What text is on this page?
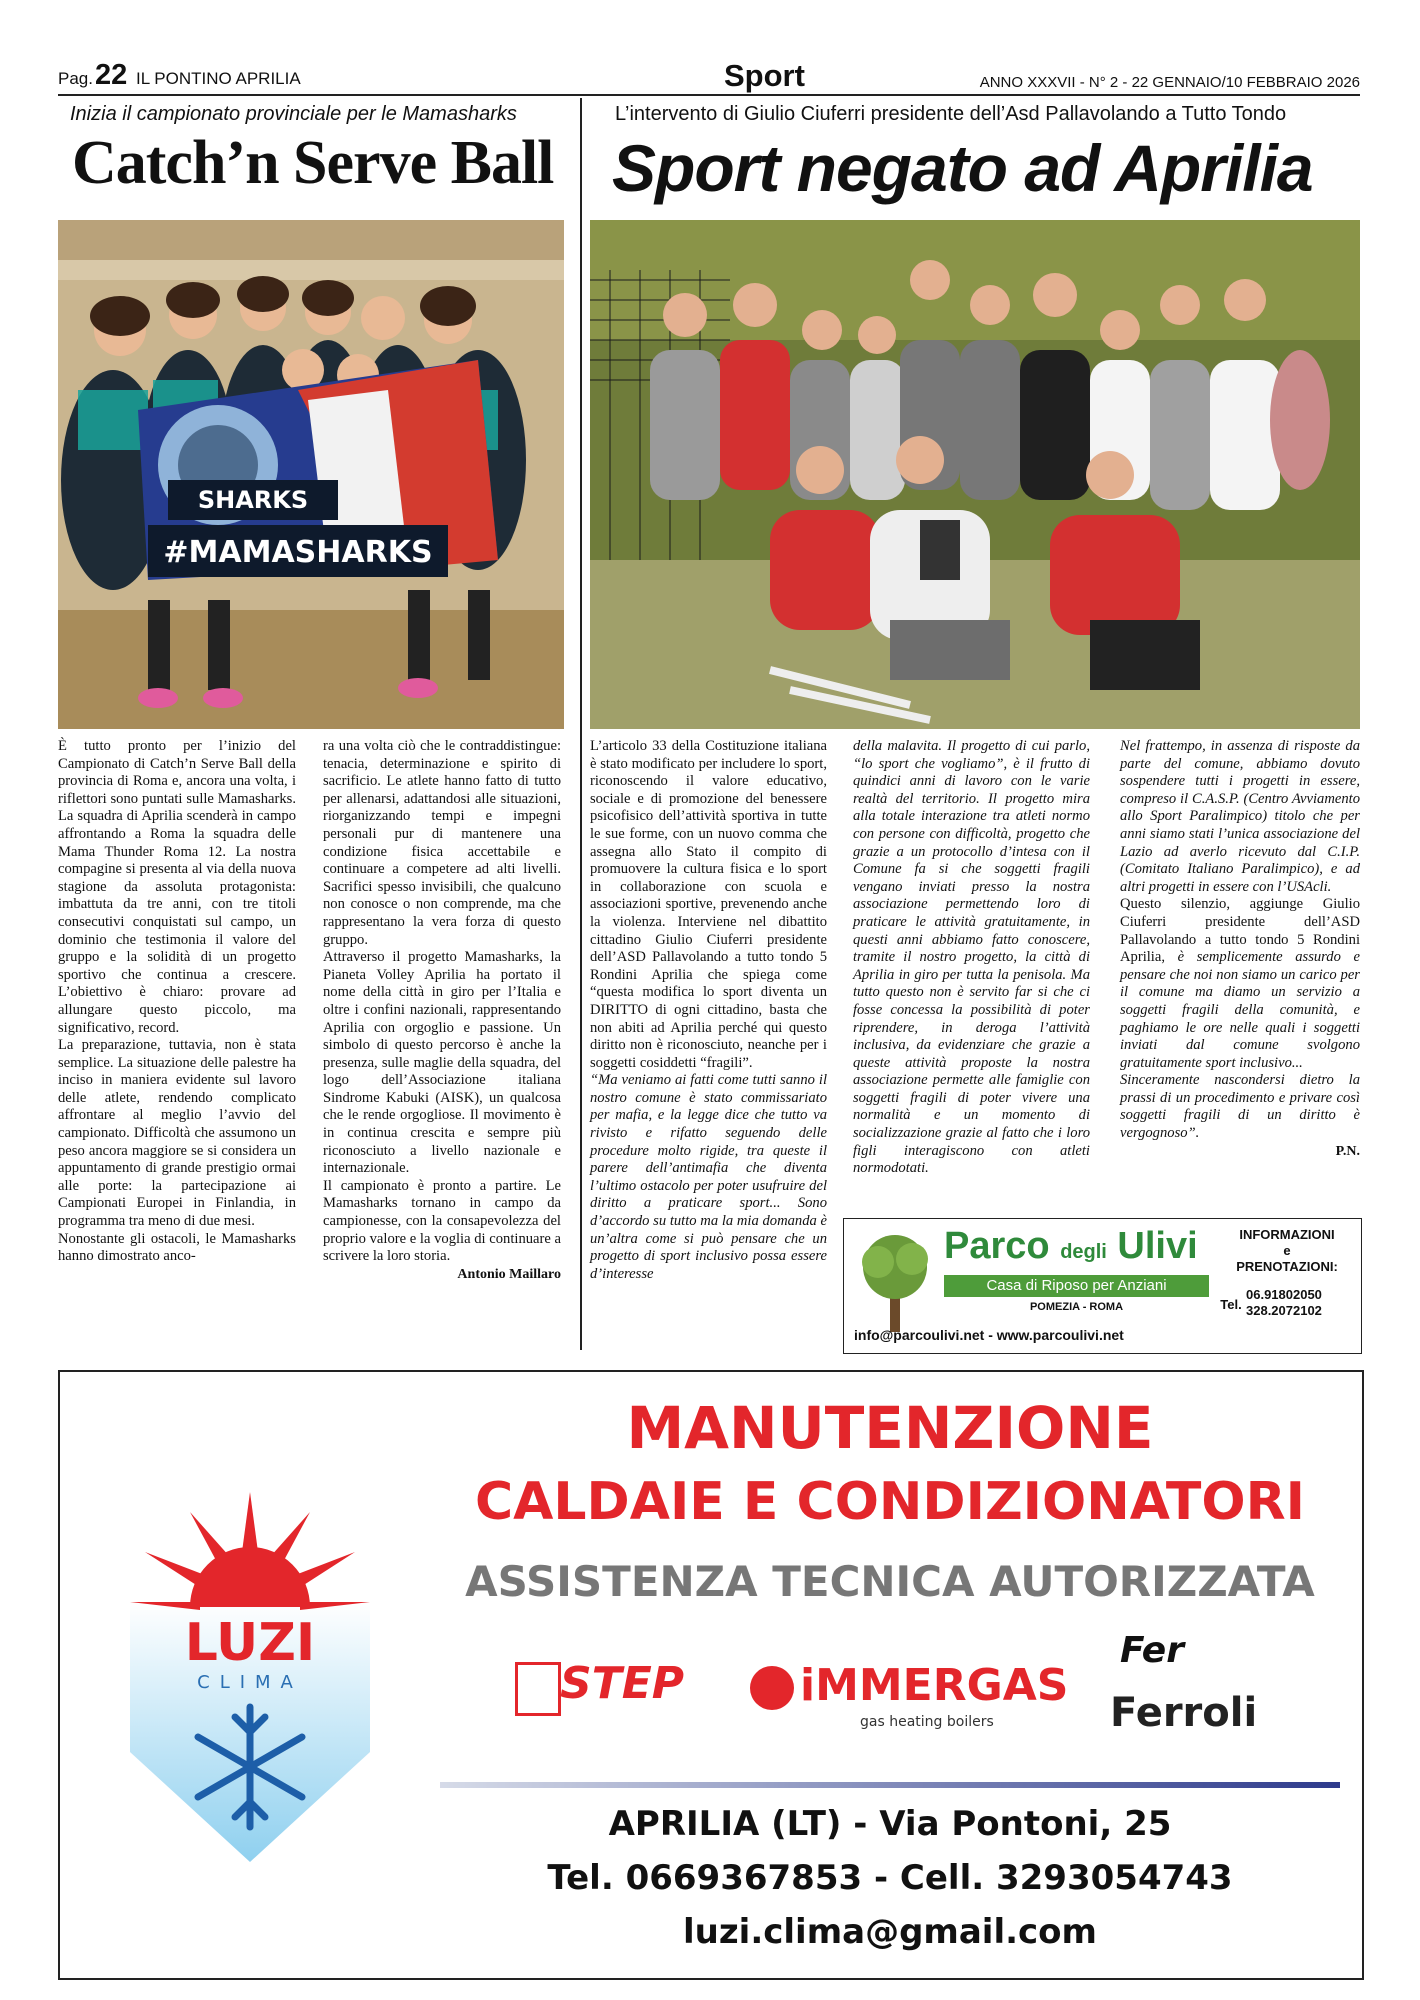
Pag.22 IL PONTINO APRILIA	Sport	ANNO XXXVII - N° 2 - 22 GENNAIO/10 FEBBRAIO 2026
Inizia il campionato provinciale per le Mamasharks
Catch’n Serve Ball
SHARKS
#MAMASHARKS

È tutto pronto per l’inizio del Campionato di Catch’n Serve Ball della provincia di Roma e, ancora una volta, i riflettori sono puntati sulle Mamasharks. La squadra di Aprilia scenderà in campo affrontando a Roma la squadra delle Mama Thunder Roma 12. La nostra compagine si presenta al via della nuova stagione da assoluta protagonista: imbattuta da tre anni, con tre titoli consecutivi conquistati sul campo, un dominio che testimonia il valore del gruppo e la solidità di un progetto sportivo che continua a crescere. L’obiettivo è chiaro: provare ad allungare questo piccolo, ma significativo, record.

La preparazione, tuttavia, non è stata semplice. La situazione delle palestre ha inciso in maniera evidente sul lavoro delle atlete, rendendo complicato affrontare al meglio l’avvio del campionato. Difficoltà che assumono un peso ancora maggiore se si considera un appuntamento di grande prestigio ormai alle porte: la partecipazione ai Campionati Europei in Finlandia, in programma tra meno di due mesi.

Nonostante gli ostacoli, le Mamasharks hanno dimostrato anco-

ra una volta ciò che le contraddistingue: tenacia, determinazione e spirito di sacrificio. Le atlete hanno fatto di tutto per allenarsi, adattandosi alle situazioni, riorganizzando tempi e impegni personali pur di mantenere una condizione fisica accettabile e continuare a competere ad alti livelli. Sacrifici spesso invisibili, che qualcuno non conosce o non comprende, ma che rappresentano la vera forza di questo gruppo.

Attraverso il progetto Mamasharks, la Pianeta Volley Aprilia ha portato il nome della città in giro per l’Italia e oltre i confini nazionali, rappresentando Aprilia con orgoglio e passione. Un simbolo di questo percorso è anche la presenza, sulle maglie della squadra, del logo dell’Associazione italiana Sindrome Kabuki (AISK), un qualcosa che le rende orgogliose. Il movimento è in continua crescita e sempre più riconosciuto a livello nazionale e internazionale.

Il campionato è pronto a partire. Le Mamasharks tornano in campo da campionesse, con la consapevolezza del proprio valore e la voglia di continuare a scrivere la loro storia.

Antonio Maillaro

L’intervento di Giulio Ciuferri presidente dell’Asd Pallavolando a Tutto Tondo
Sport negato ad Aprilia

L’articolo 33 della Costituzione italiana è stato modificato per includere lo sport, riconoscendo il valore educativo, sociale e di promozione del benessere psicofisico dell’attività sportiva in tutte le sue forme, con un nuovo comma che assegna allo Stato il compito di promuovere la cultura fisica e lo sport in collaborazione con scuola e associazioni sportive, prevenendo anche la violenza. Interviene nel dibattito cittadino Giulio Ciuferri presidente dell’ASD Pallavolando a tutto tondo 5 Rondini Aprilia che spiega come “questa modifica lo sport diventa un DIRITTO di ogni cittadino, basta che non abiti ad Aprilia perché qui questo diritto non è riconosciuto, neanche per i soggetti cosiddetti “fragili”.

“Ma veniamo ai fatti come tutti sanno il nostro comune è stato commissariato per mafia, e la legge dice che tutto va rivisto e rifatto seguendo delle procedure molto rigide, tra queste il parere dell’antimafia che diventa l’ultimo ostacolo per poter usufruire del diritto a praticare sport... Sono d’accordo su tutto ma la mia domanda è un’altra come si può pensare che un progetto di sport inclusivo possa essere d’interesse

della malavita. Il progetto di cui parlo, “lo sport che vogliamo”, è il frutto di quindici anni di lavoro con le varie realtà del territorio. Il progetto mira alla totale interazione tra atleti normo con persone con difficoltà, progetto che grazie a un protocollo d’intesa con il Comune fa si che soggetti fragili vengano inviati presso la nostra associazione permettendo loro di praticare le attività gratuitamente, in questi anni abbiamo fatto conoscere, tramite il nostro progetto, la città di Aprilia in giro per tutta la penisola. Ma tutto questo non è servito far si che ci fosse concessa la possibilità di poter riprendere, in deroga l’attività inclusiva, da evidenziare che grazie a queste attività proposte la nostra associazione permette alle famiglie con soggetti fragili di poter vivere una normalità e un momento di socializzazione grazie al fatto che i loro figli interagiscono con atleti normodotati.

Nel frattempo, in assenza di risposte da parte del comune, abbiamo dovuto sospendere tutti i progetti in essere, compreso il C.A.S.P. (Centro Avviamento allo Sport Paralimpico) titolo che per anni siamo stati l’unica associazione del Lazio ad averlo ricevuto dal C.I.P. (Comitato Italiano Paralimpico), e ad altri progetti in essere con l’USAcli.

Questo silenzio, aggiunge Giulio Ciuferri presidente dell’ASD Pallavolando a tutto tondo 5 Rondini Aprilia, è semplicemente assurdo e pensare che noi non siamo un carico per il comune ma diamo un servizio a soggetti fragili della comunità, e paghiamo le ore nelle quali i soggetti inviati dal comune svolgono gratuitamente sport inclusivo...

Sinceramente nascondersi dietro la prassi di un procedimento e privare così soggetti fragili di un diritto è vergognoso”.

P.N.

Parco degli Ulivi
Casa di Riposo per Anziani
POMEZIA - ROMA
INFORMAZIONI
e
PRENOTAZIONI:
Tel.
06.91802050
328.2072102
info@parcoulivi.net - www.parcoulivi.net
LUZI
CLIMA
MANUTENZIONE
CALDAIE E CONDIZIONATORI
ASSISTENZA TECNICA AUTORIZZATA
STEP	iMMERGAS
gas heating boilers
Fer
Ferroli
APRILIA (LT) - Via Pontoni, 25
Tel. 0669367853 - Cell. 3293054743
luzi.clima@gmail.com
